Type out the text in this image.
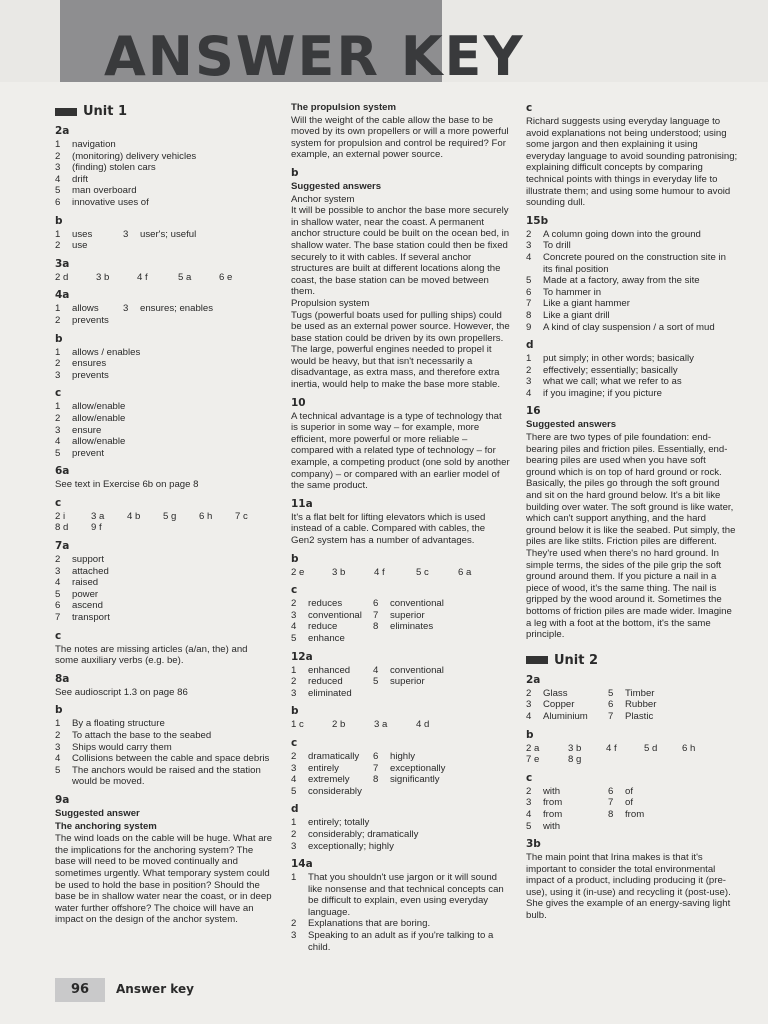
ANSWER KEY
Unit 1
2a
1 navigation
2 (monitoring) delivery vehicles
3 (finding) stolen cars
4 drift
5 man overboard
6 innovative uses of
b
1 uses	3 user's; useful
2 use
3a
2 d	3 b	4 f	5 a	6 e
4a
1 allows	3 ensures; enables
2 prevents
b
1 allows / enables
2 ensures
3 prevents
c
1 allow/enable
2 allow/enable
3 ensure
4 allow/enable
5 prevent
6a

See text in Exercise 6b on page 8

c
2 i	3 a	4 b	5 g	6 h	7 c
8 d	9 f
7a
2 support
3 attached
4 raised
5 power
6 ascend
7 transport
c

The notes are missing articles (a/an, the) and some auxiliary verbs (e.g. be).

8a

See audioscript 1.3 on page 86

b
1 By a floating structure
2 To attach the base to the seabed
3 Ships would carry them
4 Collisions between the cable and space debris
5 The anchors would be raised and the station would be moved.
9a
Suggested answer
The anchoring system

The wind loads on the cable will be huge. What are the implications for the anchoring system? The base will need to be moved continually and sometimes urgently. What temporary system could be used to hold the base in position? Should the base be in shallow water near the coast, or in deep water further offshore? The choice will have an impact on the design of the anchor system.

The propulsion system

Will the weight of the cable allow the base to be moved by its own propellers or will a more powerful system for propulsion and control be required? For example, an external power source.

b
Suggested answers

Anchor system

It will be possible to anchor the base more securely in shallow water, near the coast. A permanent anchor structure could be built on the ocean bed, in shallow water. The base station could then be fixed securely to it with cables. If several anchor structures are built at different locations along the coast, the base station can be moved between them.

Propulsion system

Tugs (powerful boats used for pulling ships) could be used as an external power source. However, the base station could be driven by its own propellers. The large, powerful engines needed to propel it would be heavy, but that isn't necessarily a disadvantage, as extra mass, and therefore extra inertia, would help to make the base more stable.

10

A technical advantage is a type of technology that is superior in some way – for example, more efficient, more powerful or more reliable – compared with a related type of technology – for example, a competing product (one sold by another company) – or compared with an earlier model of the same product.

11a

It's a flat belt for lifting elevators which is used instead of a cable. Compared with cables, the Gen2 system has a number of advantages.

b
2 e	3 b	4 f	5 c	6 a
c
2 reduces	6 conventional
3 conventional	7 superior
4 reduce	8 eliminates
5 enhance
12a
1 enhanced	4 conventional
2 reduced	5 superior
3 eliminated
b
1 c	2 b	3 a	4 d
c
2 dramatically	6 highly
3 entirely	7 exceptionally
4 extremely	8 significantly
5 considerably
d
1 entirely; totally
2 considerably; dramatically
3 exceptionally; highly
14a
1 That you shouldn't use jargon or it will sound like nonsense and that technical concepts can be difficult to explain, even using everyday language.
2 Explanations that are boring.
3 Speaking to an adult as if you're talking to a child.
c

Richard suggests using everyday language to avoid explanations not being understood; using some jargon and then explaining it using everyday language to avoid sounding patronising; explaining difficult concepts by comparing technical points with things in everyday life to illustrate them; and using some humour to avoid sounding dull.

15b
2 A column going down into the ground
3 To drill
4 Concrete poured on the construction site in its final position
5 Made at a factory, away from the site
6 To hammer in
7 Like a giant hammer
8 Like a giant drill
9 A kind of clay suspension / a sort of mud
d
1 put simply; in other words; basically
2 effectively; essentially; basically
3 what we call; what we refer to as
4 if you imagine; if you picture
16
Suggested answers

There are two types of pile foundation: end-bearing piles and friction piles. Essentially, end-bearing piles are used when you have soft ground which is on top of hard ground or rock. Basically, the piles go through the soft ground and sit on the hard ground below. It's a bit like building over water. The soft ground is like water, which can't support anything, and the hard ground below it is like the seabed. Put simply, the piles are like stilts. Friction piles are different. They're used when there's no hard ground. In simple terms, the sides of the pile grip the soft ground around them. If you picture a nail in a piece of wood, it's the same thing. The nail is gripped by the wood around it. Sometimes the bottoms of friction piles are made wider. Imagine a leg with a foot at the bottom, it's the same principle.

Unit 2
2a
2 Glass	5 Timber
3 Copper	6 Rubber
4 Aluminium	7 Plastic
b
2 a	3 b	4 f	5 d	6 h
7 e	8 g
c
2 with	6 of
3 from	7 of
4 from	8 from
5 with
3b

The main point that Irina makes is that it's important to consider the total environmental impact of a product, including producing it (pre-use), using it (in-use) and recycling it (post-use). She gives the example of an energy-saving light bulb.

96	Answer key
